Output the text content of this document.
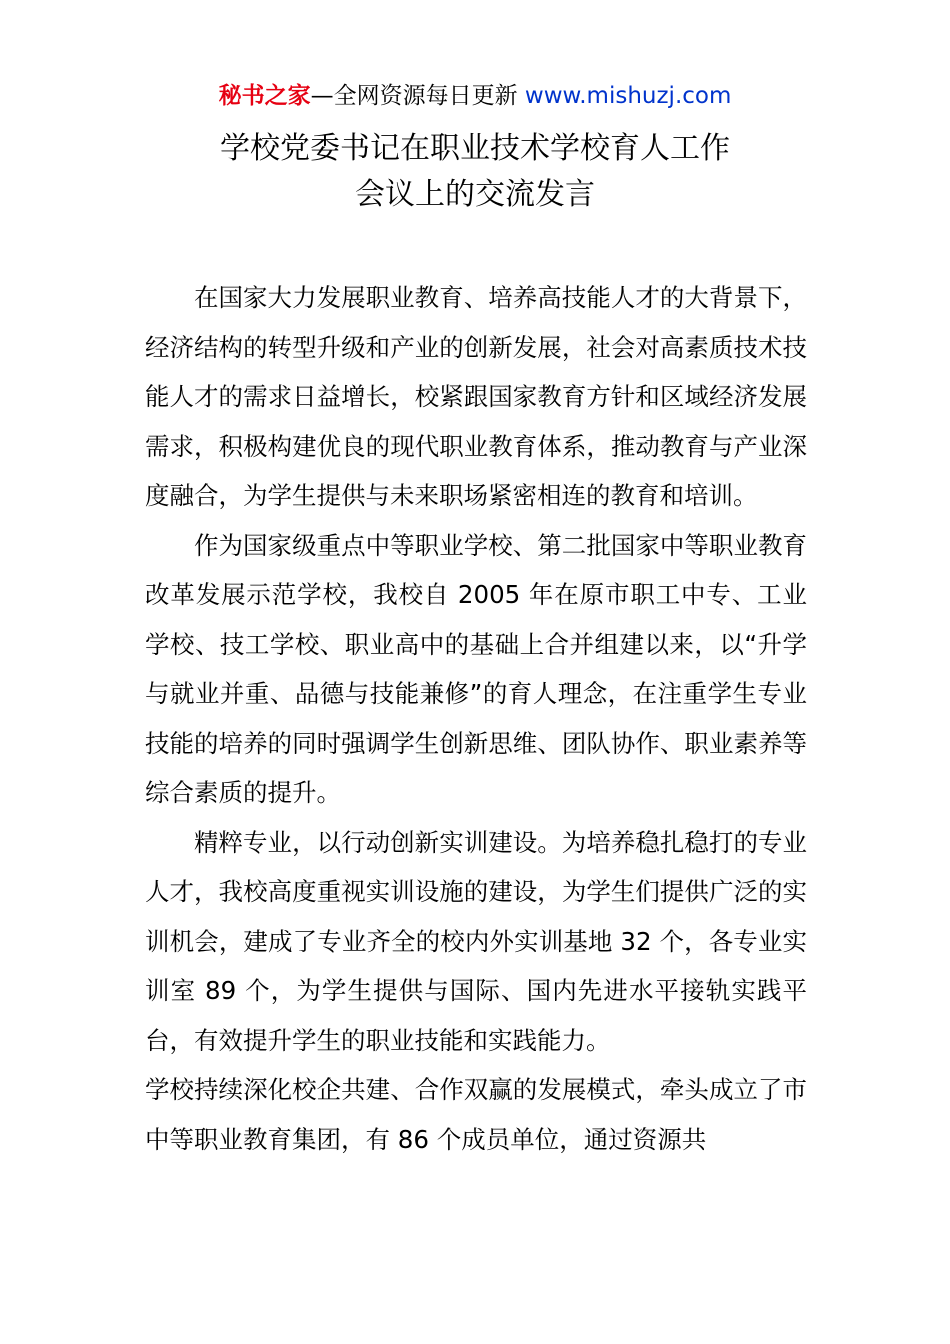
秘书之家—全网资源每日更新 www.mishuzj.com
学校党委书记在职业技术学校育人工作
会议上的交流发言

在国家大力发展职业教育、培养高技能人才的大背景下，经济结构的转型升级和产业的创新发展，社会对高素质技术技能人才的需求日益增长，校紧跟国家教育方针和区域经济发展需求，积极构建优良的现代职业教育体系，推动教育与产业深度融合，为学生提供与未来职场紧密相连的教育和培训。

作为国家级重点中等职业学校、第二批国家中等职业教育改革发展示范学校，我校自 2005 年在原市职工中专、工业学校、技工学校、职业高中的基础上合并组建以来，以“升学与就业并重、品德与技能兼修”的育人理念，在注重学生专业技能的培养的同时强调学生创新思维、团队协作、职业素养等综合素质的提升。

精粹专业，以行动创新实训建设。为培养稳扎稳打的专业人才，我校高度重视实训设施的建设，为学生们提供广泛的实训机会，建成了专业齐全的校内外实训基地 32 个，各专业实训室 89 个，为学生提供与国际、国内先进水平接轨实践平台，有效提升学生的职业技能和实践能力。

学校持续深化校企共建、合作双赢的发展模式，牵头成立了市中等职业教育集团，有 86 个成员单位，通过资源共
